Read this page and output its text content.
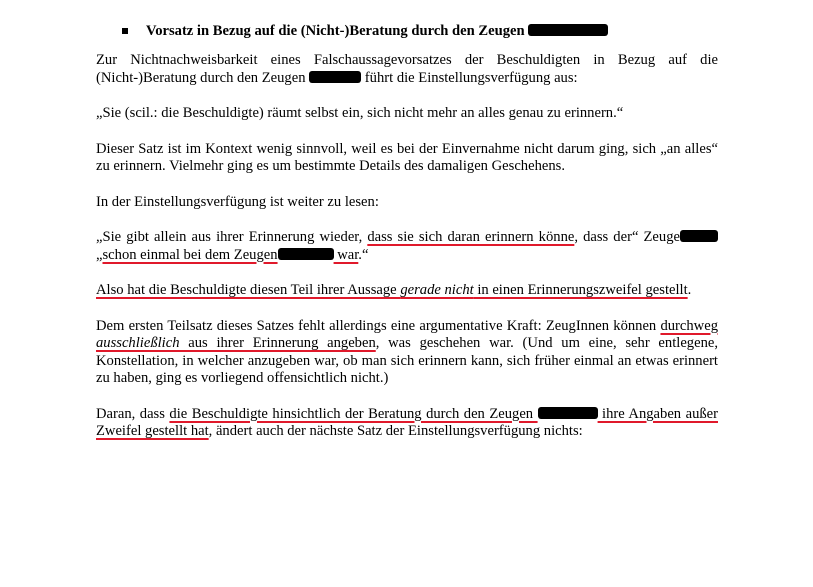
Vorsatz in Bezug auf die (Nicht-)Beratung durch den Zeugen

Zur Nichtnachweisbarkeit eines Falschaussagevorsatzes der Beschuldigten in Bezug auf die (Nicht-)Beratung durch den Zeugen	führt die Einstellungsverfügung aus:

„Sie (scil.: die Beschuldigte) räumt selbst ein, sich nicht mehr an alles genau zu erinnern.“

Dieser Satz ist im Kontext wenig sinnvoll, weil es bei der Einvernahme nicht darum ging, sich „an alles“ zu erinnern. Vielmehr ging es um bestimmte Details des damaligen Geschehens.

In der Einstellungsverfügung ist weiter zu lesen:

„Sie gibt allein aus ihrer Erinnerung wieder, dass sie sich daran erinnern könne, dass der“ Zeuge „schon einmal bei dem Zeugen	war.“

Also hat die Beschuldigte diesen Teil ihrer Aussage gerade nicht in einen Erinnerungszweifel gestellt.

Dem ersten Teilsatz dieses Satzes fehlt allerdings eine argumentative Kraft: ZeugInnen können durchweg ausschließlich aus ihrer Erinnerung angeben, was geschehen war. (Und um eine, sehr entlegene, Konstellation, in welcher anzugeben war, ob man sich erinnern kann, sich früher einmal an etwas erinnert zu haben, ging es vorliegend offensichtlich nicht.)

Daran, dass die Beschuldigte hinsichtlich der Beratung durch den Zeugen	ihre Angaben außer Zweifel gestellt hat, ändert auch der nächste Satz der Einstellungsverfügung nichts:
